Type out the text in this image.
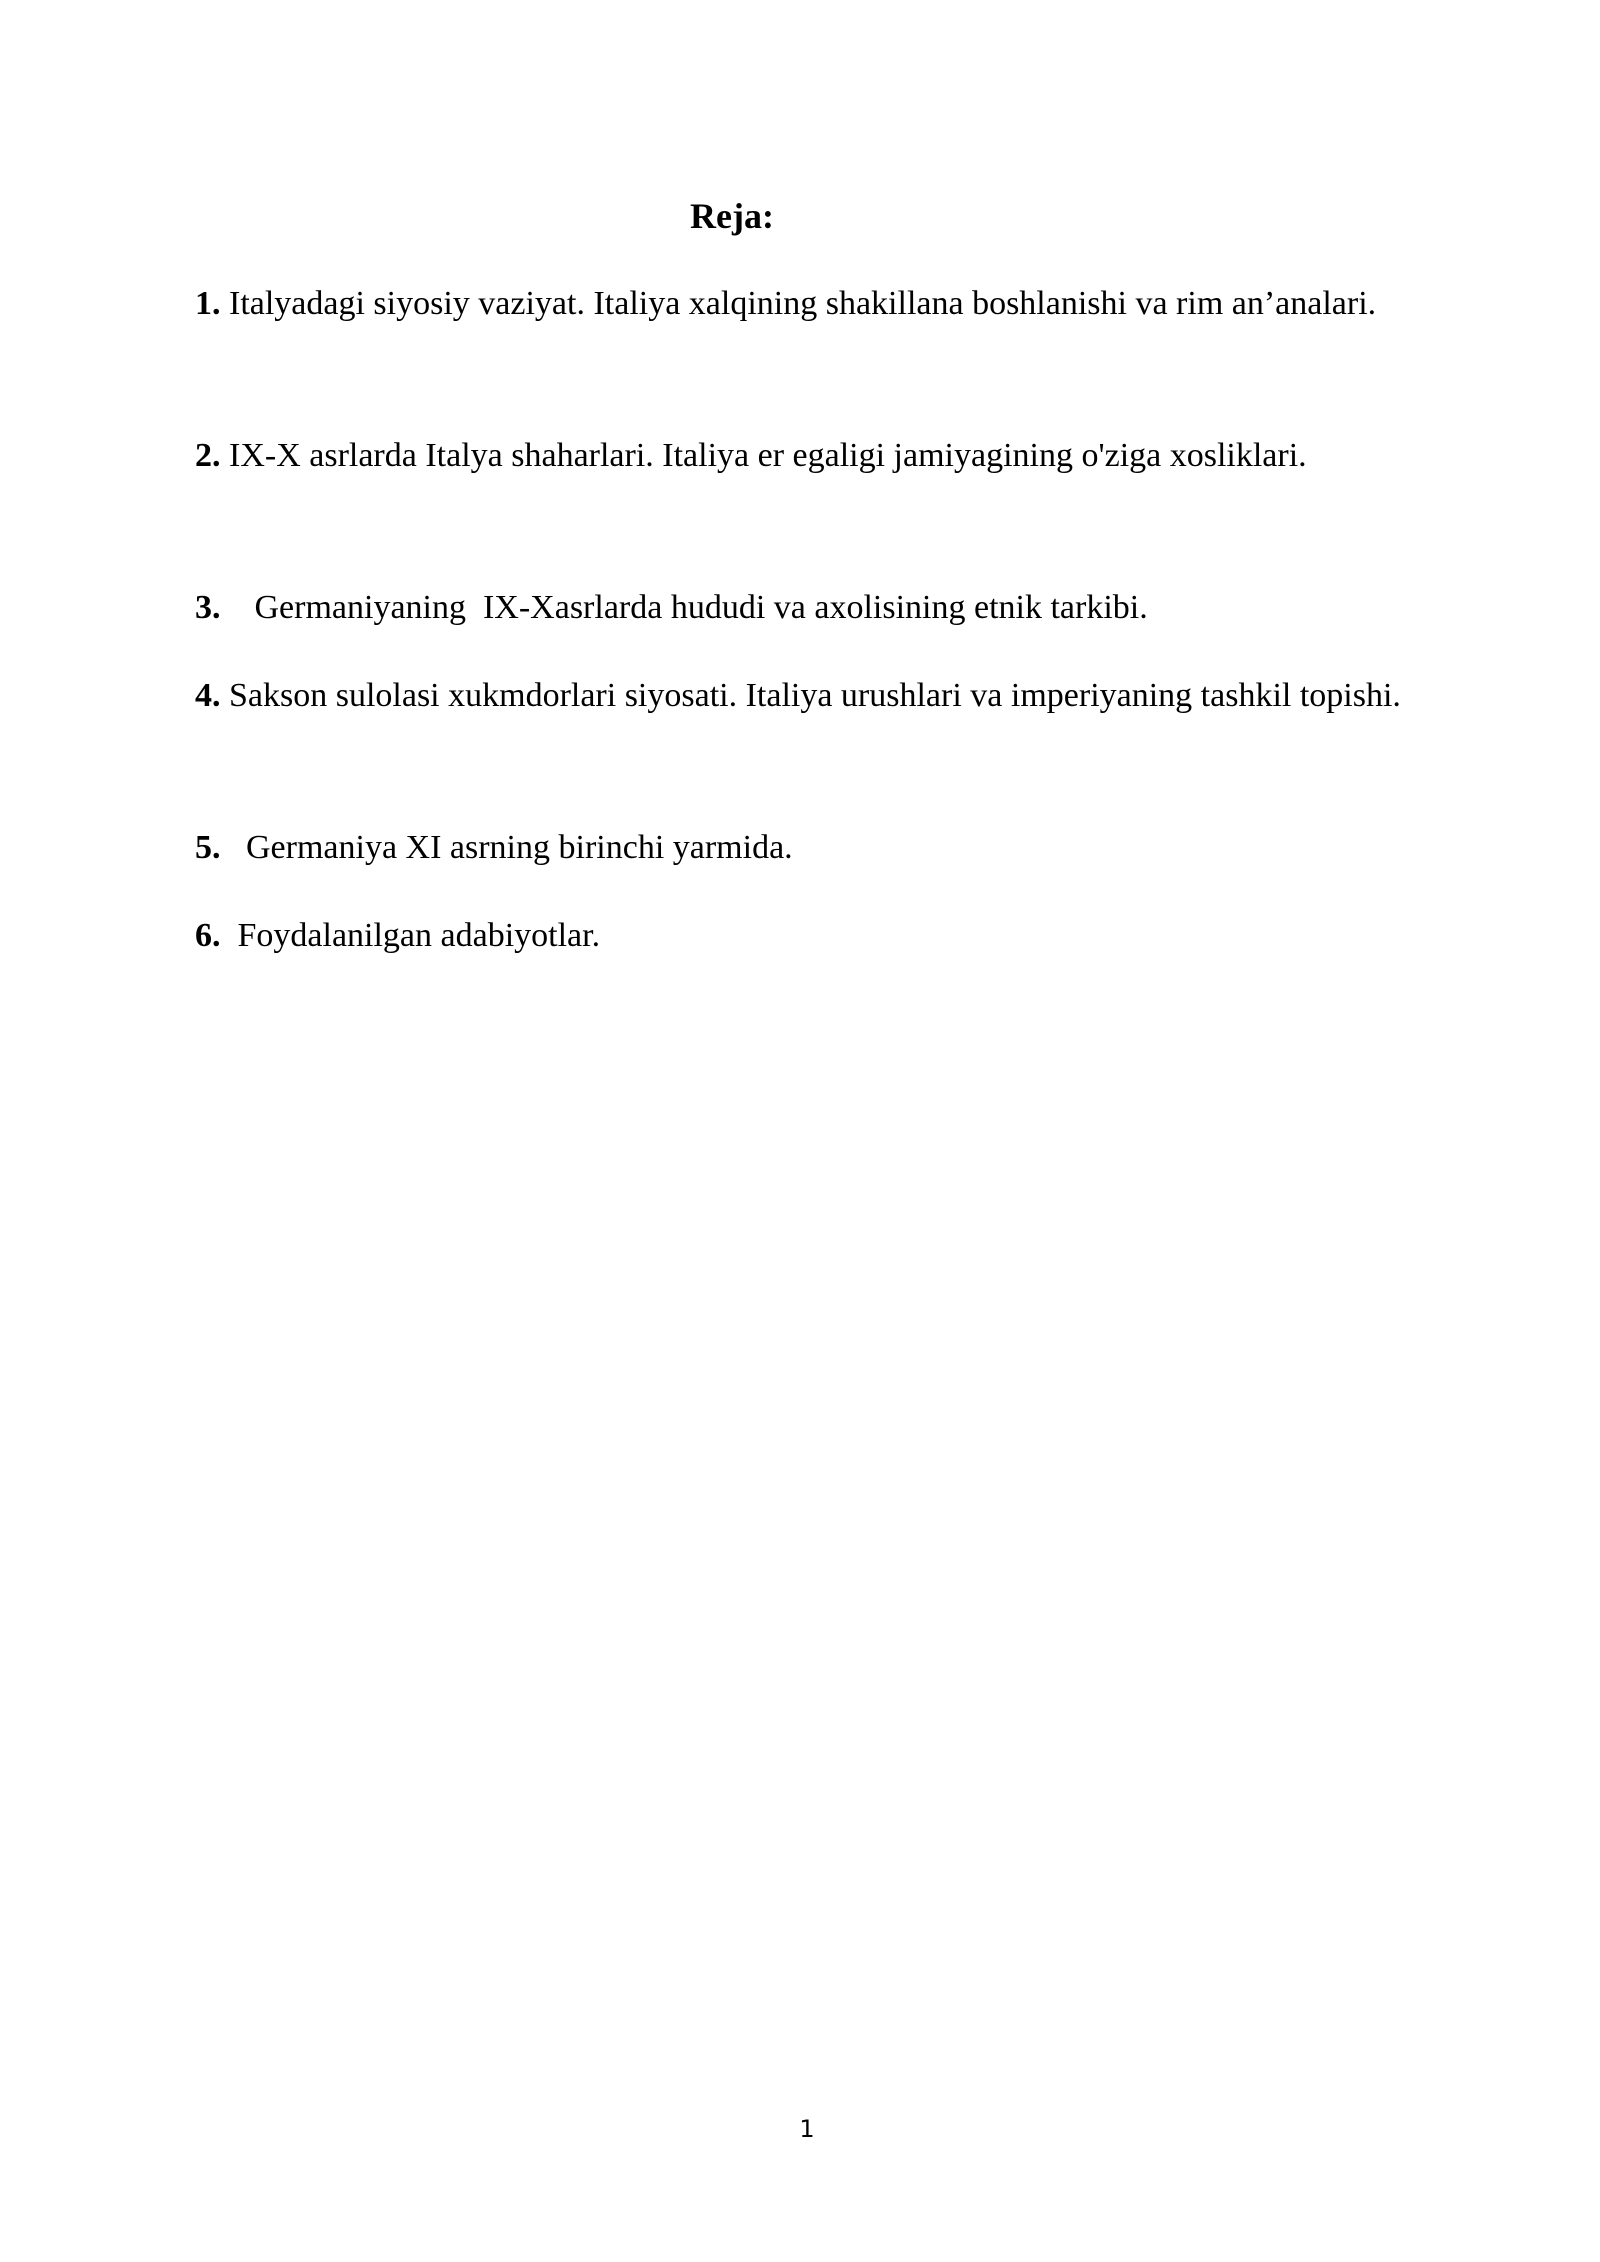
Reja:
1. Italyadagi siyosiy vaziyat. Italiya xalqining shakillana boshlanishi va rim an’analari.
2. IX-X asrlarda Italya shaharlari. Italiya er egaligi jamiyagining o'ziga xosliklari.
3.    Germaniyaning  IX-Xasrlarda hududi va axolisining etnik tarkibi.
4. Sakson sulolasi xukmdorlari siyosati. Italiya urushlari va imperiyaning tashkil topishi.
5.   Germaniya XI asrning birinchi yarmida.
6.  Foydalanilgan adabiyotlar.
1
